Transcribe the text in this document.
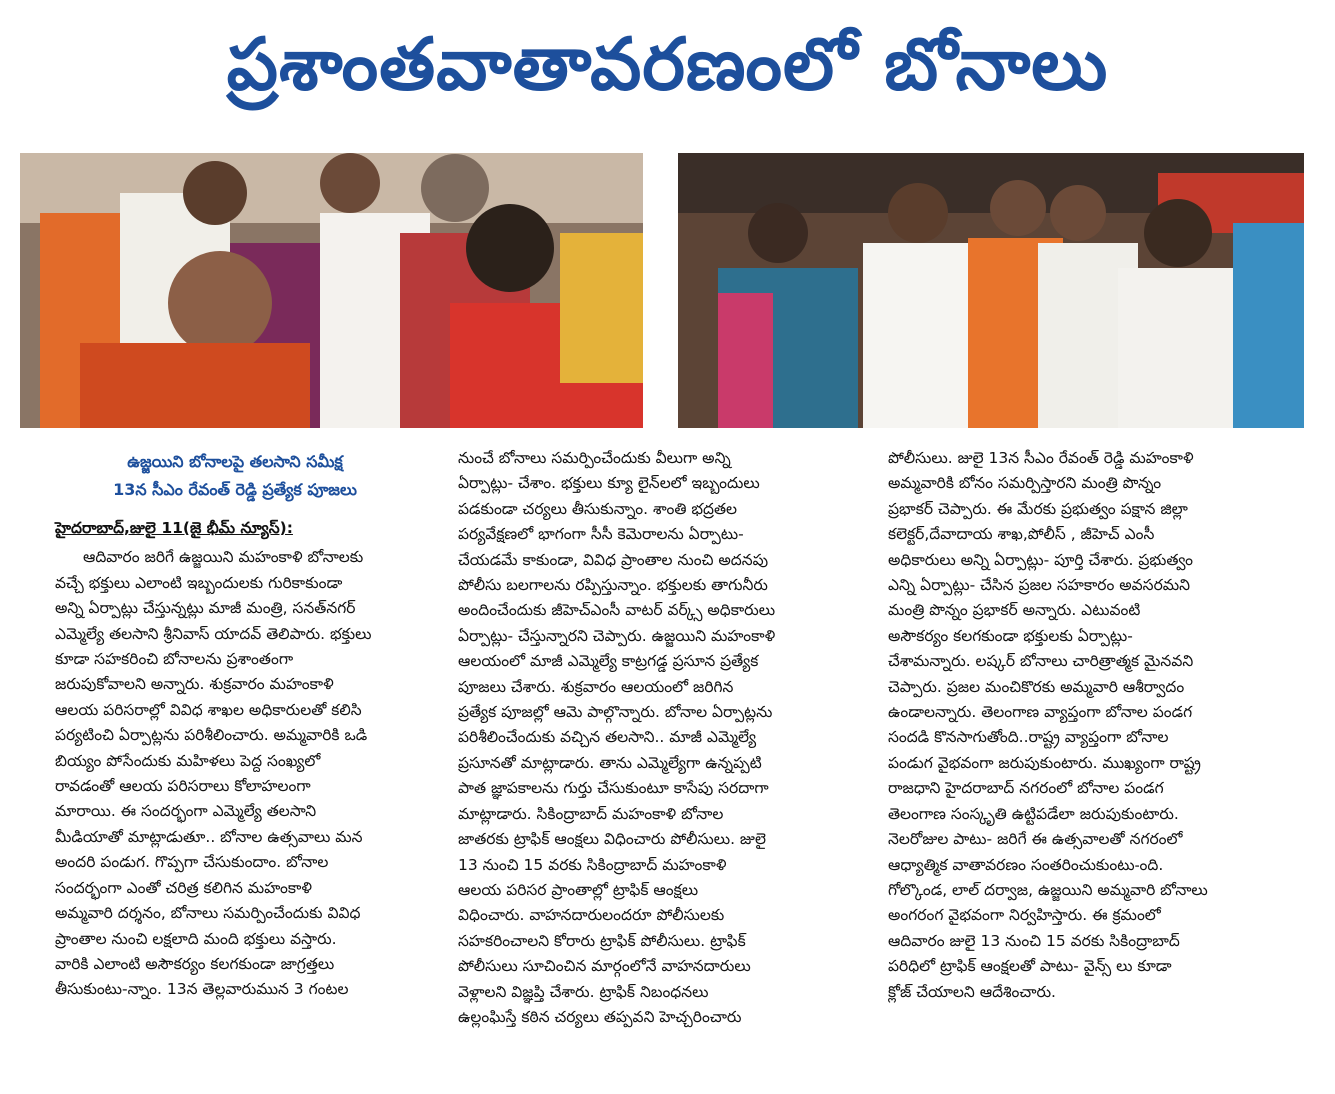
ప్రశాంతవాతావరణంలో బోనాలు
ఉజ్జయిని బోనాలపై తలసాని సమీక్ష
13న సీఎం రేవంత్ రెడ్డి ప్రత్యేక పూజలు
హైదరాబాద్,జులై 11(జై భీమ్ న్యూస్):
ఆదివారం జరిగే ఉజ్జయిని మహంకాళి బోనాలకు
వచ్చే భక్తులు ఎలాంటి ఇబ్బందులకు గురికాకుండా
అన్ని ఏర్పాట్లు చేస్తున్నట్లు మాజీ మంత్రి, సనత్‌నగర్
ఎమ్మెల్యే తలసాని శ్రీనివాస్ యాదవ్ తెలిపారు. భక్తులు
కూడా సహకరించి బోనాలను ప్రశాంతంగా
జరుపుకోవాలని అన్నారు. శుక్రవారం మహంకాళి
ఆలయ పరిసరాల్లో వివిధ శాఖల అధికారులతో కలిసి
పర్యటించి ఏర్పాట్లను పరిశీలించారు. అమ్మవారికి ఒడి
బియ్యం పోసేందుకు మహిళలు పెద్ద సంఖ్యలో
రావడంతో ఆలయ పరిసరాలు కోలాహలంగా
మారాయి. ఈ సందర్భంగా ఎమ్మెల్యే తలసాని
మీడియాతో మాట్లాడుతూ.. బోనాల ఉత్సవాలు మన
అందరి పండుగ. గొప్పగా చేసుకుందాం. బోనాల
సందర్భంగా ఎంతో చరిత్ర కలిగిన మహంకాళి
అమ్మవారి దర్శనం, బోనాలు సమర్పించేందుకు వివిధ
ప్రాంతాల నుంచి లక్షలాది మంది భక్తులు వస్తారు.
వారికి ఎలాంటి అసౌకర్యం కలగకుండా జాగ్రత్తలు
తీసుకుంటు-న్నాం. 13న తెల్లవారుమున 3 గంటల
నుంచే బోనాలు సమర్పించేందుకు వీలుగా అన్ని
ఏర్పాట్లు- చేశాం. భక్తులు క్యూ లైన్‌లలో ఇబ్బందులు
పడకుండా చర్యలు తీసుకున్నాం. శాంతి భద్రతల
పర్యవేక్షణలో భాగంగా సీసీ కెమెరాలను ఏర్పాటు-
చేయడమే కాకుండా, వివిధ ప్రాంతాల నుంచి అదనపు
పోలీసు బలగాలను రప్పిస్తున్నాం. భక్తులకు తాగునీరు
అందించేందుకు జీహెచ్ఎంసీ వాటర్ వర్క్స్ అధికారులు
ఏర్పాట్లు- చేస్తున్నారని చెప్పారు. ఉజ్జయిని మహంకాళి
ఆలయంలో మాజీ ఎమ్మెల్యే కాట్రగడ్డ ప్రసూన ప్రత్యేక
పూజలు చేశారు. శుక్రవారం ఆలయంలో జరిగిన
ప్రత్యేక పూజల్లో ఆమె పాల్గొన్నారు. బోనాల ఏర్పాట్లను
పరిశీలించేందుకు వచ్చిన తలసాని.. మాజీ ఎమ్మెల్యే
ప్రసూనతో మాట్లాడారు. తాను ఎమ్మెల్యేగా ఉన్నప్పటి
పాత జ్ఞాపకాలను గుర్తు చేసుకుంటూ కాసేపు సరదాగా
మాట్లాడారు. సికింద్రాబాద్ మహంకాళి బోనాల
జాతరకు ట్రాఫిక్ ఆంక్షలు విధించారు పోలీసులు. జులై
13 నుంచి 15 వరకు సికింద్రాబాద్ మహంకాళి
ఆలయ పరిసర ప్రాంతాల్లో ట్రాఫిక్ ఆంక్షలు
విధించారు. వాహనదారులందరూ పోలీసులకు
సహకరించాలని కోరారు ట్రాఫిక్ పోలీసులు. ట్రాఫిక్
పోలీసులు సూచించిన మార్గంలోనే వాహనదారులు
వెళ్లాలని విజ్ఞప్తి చేశారు. ట్రాఫిక్ నిబంధనలు
ఉల్లంఘిస్తే కఠిన చర్యలు తప్పవని హెచ్చరించారు
పోలీసులు. జులై 13న సీఎం రేవంత్ రెడ్డి మహంకాళి
అమ్మవారికి బోనం సమర్పిస్తారని మంత్రి పొన్నం
ప్రభాకర్ చెప్పారు. ఈ మేరకు ప్రభుత్వం పక్షాన జిల్లా
కలెక్టర్,దేవాదాయ శాఖ,పోలీస్ , జీహెచ్ ఎంసీ
అధికారులు అన్ని ఏర్పాట్లు- పూర్తి చేశారు. ప్రభుత్వం
ఎన్ని ఏర్పాట్లు- చేసిన ప్రజల సహకారం అవసరమని
మంత్రి పొన్నం ప్రభాకర్ అన్నారు. ఎటువంటి
అసౌకర్యం కలగకుండా భక్తులకు ఏర్పాట్లు-
చేశామన్నారు. లష్కర్ బోనాలు చారిత్రాత్మక మైనవని
చెప్పారు. ప్రజల మంచికొరకు అమ్మవారి ఆశీర్వాదం
ఉండాలన్నారు. తెలంగాణ వ్యాప్తంగా బోనాల పండగ
సందడి కొనసాగుతోంది..రాష్ట్ర వ్యాప్తంగా బోనాల
పండుగ వైభవంగా జరుపుకుంటారు. ముఖ్యంగా రాష్ట్ర
రాజధాని హైదరాబాద్ నగరంలో బోనాల పండగ
తెలంగాణ సంస్కృతి ఉట్టిపడేలా జరుపుకుంటారు.
నెలరోజుల పాటు- జరిగే ఈ ఉత్సవాలతో నగరంలో
ఆధ్యాత్మిక వాతావరణం సంతరించుకుంటు-ంది.
గోల్కొండ, లాల్ దర్వాజ, ఉజ్జయిని అమ్మవారి బోనాలు
అంగరంగ వైభవంగా నిర్వహిస్తారు. ఈ క్రమంలో
ఆదివారం జులై 13 నుంచి 15 వరకు సికింద్రాబాద్
పరిధిలో ట్రాఫిక్ ఆంక్షలతో పాటు- వైన్స్ లు కూడా
క్లోజ్ చేయాలని ఆదేశించారు.
